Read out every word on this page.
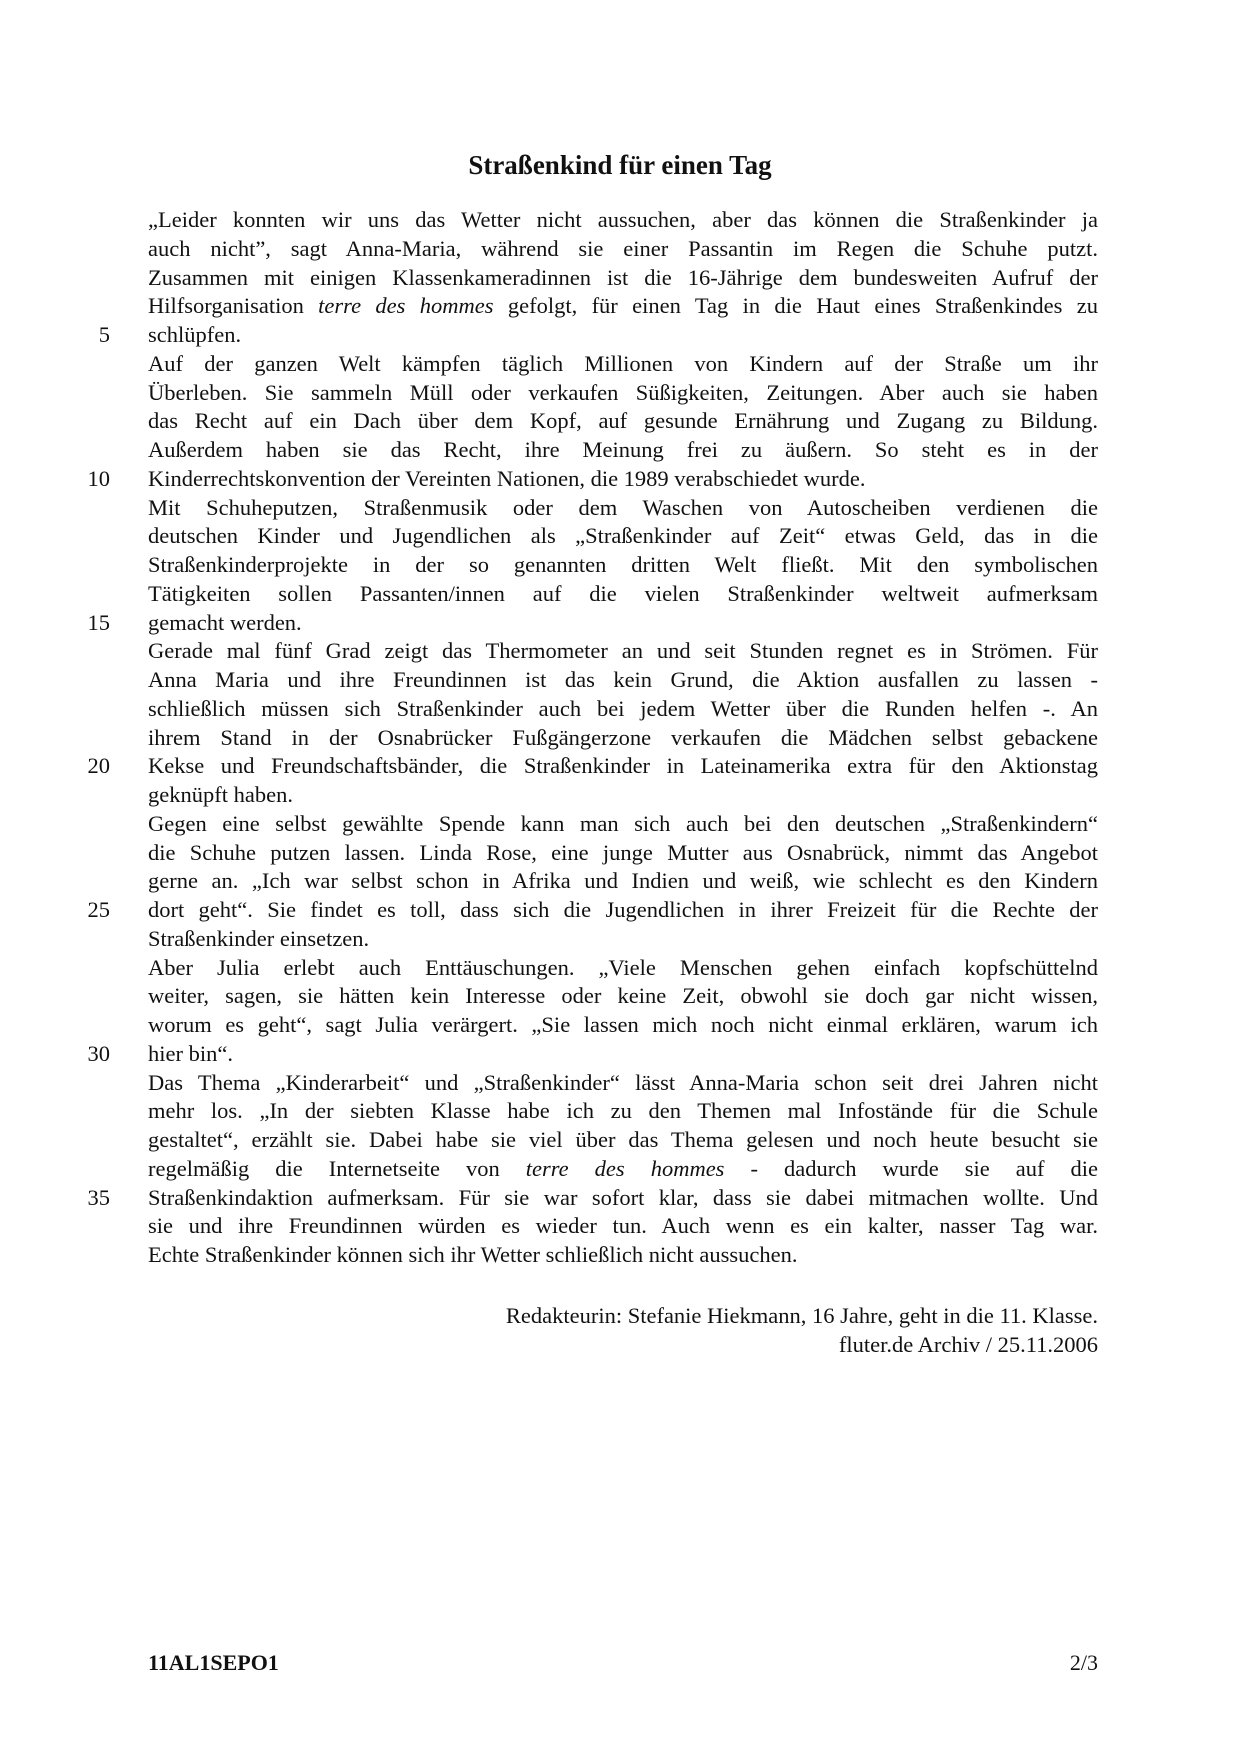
Straßenkind für einen Tag
„Leider konnten wir uns das Wetter nicht aussuchen, aber das können die Straßenkinder ja
auch nicht”, sagt Anna-Maria, während sie einer Passantin im Regen die Schuhe putzt.
Zusammen mit einigen Klassenkameradinnen ist die 16-Jährige dem bundesweiten Aufruf der
Hilfsorganisation terre des hommes gefolgt, für einen Tag in die Haut eines Straßenkindes zu
5 schlüpfen.
Auf der ganzen Welt kämpfen täglich Millionen von Kindern auf der Straße um ihr
Überleben. Sie sammeln Müll oder verkaufen Süßigkeiten, Zeitungen. Aber auch sie haben
das Recht auf ein Dach über dem Kopf, auf gesunde Ernährung und Zugang zu Bildung.
Außerdem haben sie das Recht, ihre Meinung frei zu äußern. So steht es in der
10 Kinderrechtskonvention der Vereinten Nationen, die 1989 verabschiedet wurde.
Mit Schuheputzen, Straßenmusik oder dem Waschen von Autoscheiben verdienen die
deutschen Kinder und Jugendlichen als „Straßenkinder auf Zeit“ etwas Geld, das in die
Straßenkinderprojekte in der so genannten dritten Welt fließt. Mit den symbolischen
Tätigkeiten sollen Passanten/innen auf die vielen Straßenkinder weltweit aufmerksam
15 gemacht werden.
Gerade mal fünf Grad zeigt das Thermometer an und seit Stunden regnet es in Strömen. Für
Anna Maria und ihre Freundinnen ist das kein Grund, die Aktion ausfallen zu lassen -
schließlich müssen sich Straßenkinder auch bei jedem Wetter über die Runden helfen -. An
ihrem Stand in der Osnabrücker Fußgängerzone verkaufen die Mädchen selbst gebackene
20 Kekse und Freundschaftsbänder, die Straßenkinder in Lateinamerika extra für den Aktionstag
geknüpft haben.
Gegen eine selbst gewählte Spende kann man sich auch bei den deutschen „Straßenkindern“
die Schuhe putzen lassen. Linda Rose, eine junge Mutter aus Osnabrück, nimmt das Angebot
gerne an. „Ich war selbst schon in Afrika und Indien und weiß, wie schlecht es den Kindern
25 dort geht“. Sie findet es toll, dass sich die Jugendlichen in ihrer Freizeit für die Rechte der
Straßenkinder einsetzen.
Aber Julia erlebt auch Enttäuschungen. „Viele Menschen gehen einfach kopfschüttelnd
weiter, sagen, sie hätten kein Interesse oder keine Zeit, obwohl sie doch gar nicht wissen,
worum es geht“, sagt Julia verärgert. „Sie lassen mich noch nicht einmal erklären, warum ich
30 hier bin“.
Das Thema „Kinderarbeit“ und „Straßenkinder“ lässt Anna-Maria schon seit drei Jahren nicht
mehr los. „In der siebten Klasse habe ich zu den Themen mal Infostände für die Schule
gestaltet“, erzählt sie. Dabei habe sie viel über das Thema gelesen und noch heute besucht sie
regelmäßig die Internetseite von terre des hommes - dadurch wurde sie auf die
35 Straßenkindaktion aufmerksam. Für sie war sofort klar, dass sie dabei mitmachen wollte. Und
sie und ihre Freundinnen würden es wieder tun. Auch wenn es ein kalter, nasser Tag war.
Echte Straßenkinder können sich ihr Wetter schließlich nicht aussuchen.
Redakteurin: Stefanie Hiekmann, 16 Jahre, geht in die 11. Klasse.
fluter.de Archiv / 25.11.2006
11AL1SEPO1	2/3
